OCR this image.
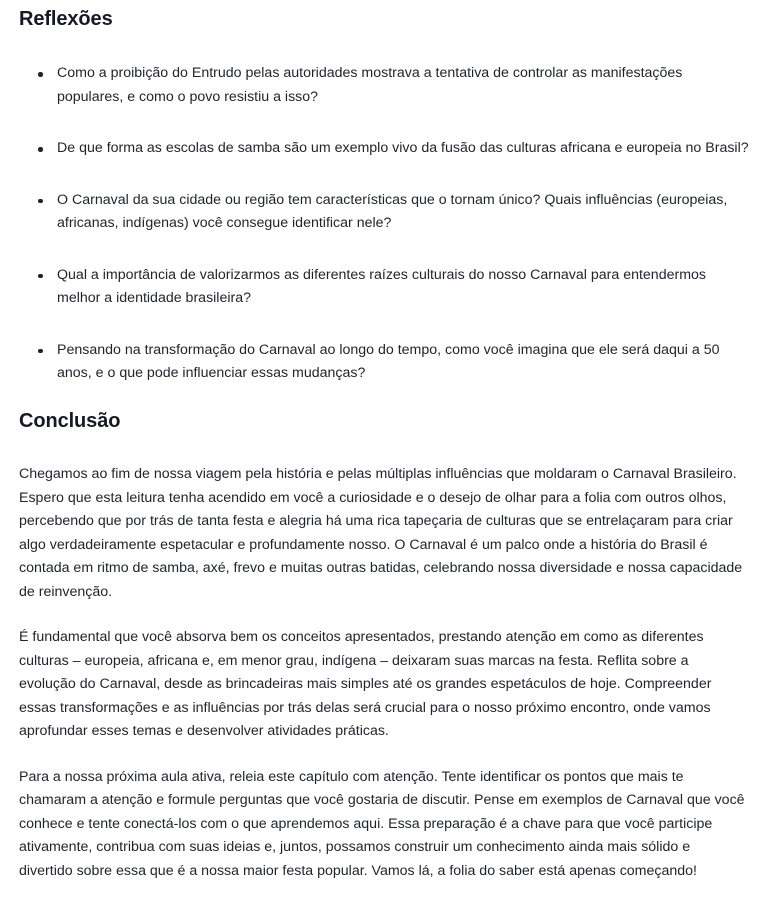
Reflexões
Como a proibição do Entrudo pelas autoridades mostrava a tentativa de controlar as manifestações populares, e como o povo resistiu a isso?
De que forma as escolas de samba são um exemplo vivo da fusão das culturas africana e europeia no Brasil?
O Carnaval da sua cidade ou região tem características que o tornam único? Quais influências (europeias, africanas, indígenas) você consegue identificar nele?
Qual a importância de valorizarmos as diferentes raízes culturais do nosso Carnaval para entendermos melhor a identidade brasileira?
Pensando na transformação do Carnaval ao longo do tempo, como você imagina que ele será daqui a 50 anos, e o que pode influenciar essas mudanças?
Conclusão

Chegamos ao fim de nossa viagem pela história e pelas múltiplas influências que moldaram o Carnaval Brasileiro. Espero que esta leitura tenha acendido em você a curiosidade e o desejo de olhar para a folia com outros olhos, percebendo que por trás de tanta festa e alegria há uma rica tapeçaria de culturas que se entrelaçaram para criar algo verdadeiramente espetacular e profundamente nosso. O Carnaval é um palco onde a história do Brasil é contada em ritmo de samba, axé, frevo e muitas outras batidas, celebrando nossa diversidade e nossa capacidade de reinvenção.

É fundamental que você absorva bem os conceitos apresentados, prestando atenção em como as diferentes culturas – europeia, africana e, em menor grau, indígena – deixaram suas marcas na festa. Reflita sobre a evolução do Carnaval, desde as brincadeiras mais simples até os grandes espetáculos de hoje. Compreender essas transformações e as influências por trás delas será crucial para o nosso próximo encontro, onde vamos aprofundar esses temas e desenvolver atividades práticas.

Para a nossa próxima aula ativa, releia este capítulo com atenção. Tente identificar os pontos que mais te chamaram a atenção e formule perguntas que você gostaria de discutir. Pense em exemplos de Carnaval que você conhece e tente conectá-los com o que aprendemos aqui. Essa preparação é a chave para que você participe ativamente, contribua com suas ideias e, juntos, possamos construir um conhecimento ainda mais sólido e divertido sobre essa que é a nossa maior festa popular. Vamos lá, a folia do saber está apenas começando!
